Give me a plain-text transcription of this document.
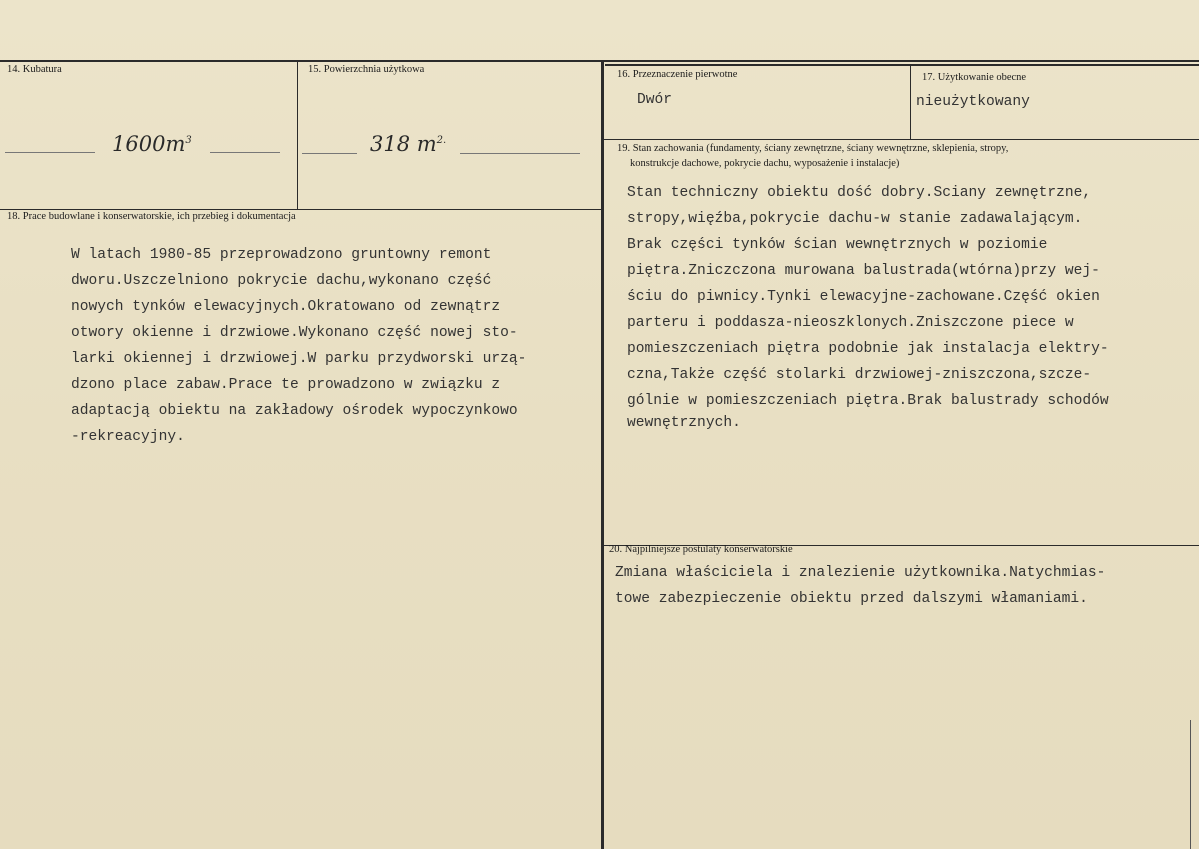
14. Kubatura
$1600m^3$
15. Powierzchnia użytkowa
318 $m^{2.}$
16. Przeznaczenie pierwotne
Dwór
17. Użytkowanie obecne
nieużytkowany
18. Prace budowlane i konserwatorskie, ich przebieg i dokumentacja
W latach 1980-85 przeprowadzono gruntowny remont
dworu.Uszczelniono pokrycie dachu,wykonano część
nowych tynków elewacyjnych.Okratowano od zewnątrz
otwory okienne i drzwiowe.Wykonano część nowej sto-
larki okiennej i drzwiowej.W parku przydworski urzą-
dzono place zabaw.Prace te prowadzono w związku z
adaptacją obiektu na zakładowy ośrodek wypoczynkowo
-rekreacyjny.
19. Stan zachowania (fundamenty, ściany zewnętrzne, ściany wewnętrzne, sklepienia, stropy,
konstrukcje dachowe, pokrycie dachu, wyposażenie i instalacje)
Stan techniczny obiektu dość dobry.Sciany zewnętrzne,
stropy,więźba,pokrycie dachu-w stanie zadawalającym.
Brak części tynków ścian wewnętrznych w poziomie
piętra.Zniczczona murowana balustrada(wtórna)przy wej-
ściu do piwnicy.Tynki elewacyjne-zachowane.Część okien
parteru i poddasza-nieoszklonych.Zniszczone piece w
pomieszczeniach piętra podobnie jak instalacja elektry-
czna,Także część stolarki drzwiowej-zniszczona,szcze-
gólnie w pomieszczeniach piętra.Brak balustrady schodów
wewnętrznych.
20. Najpilniejsze postulaty konserwatorskie
Zmiana właściciela i znalezienie użytkownika.Natychmias-
towe zabezpieczenie obiektu przed dalszymi włamaniami.
